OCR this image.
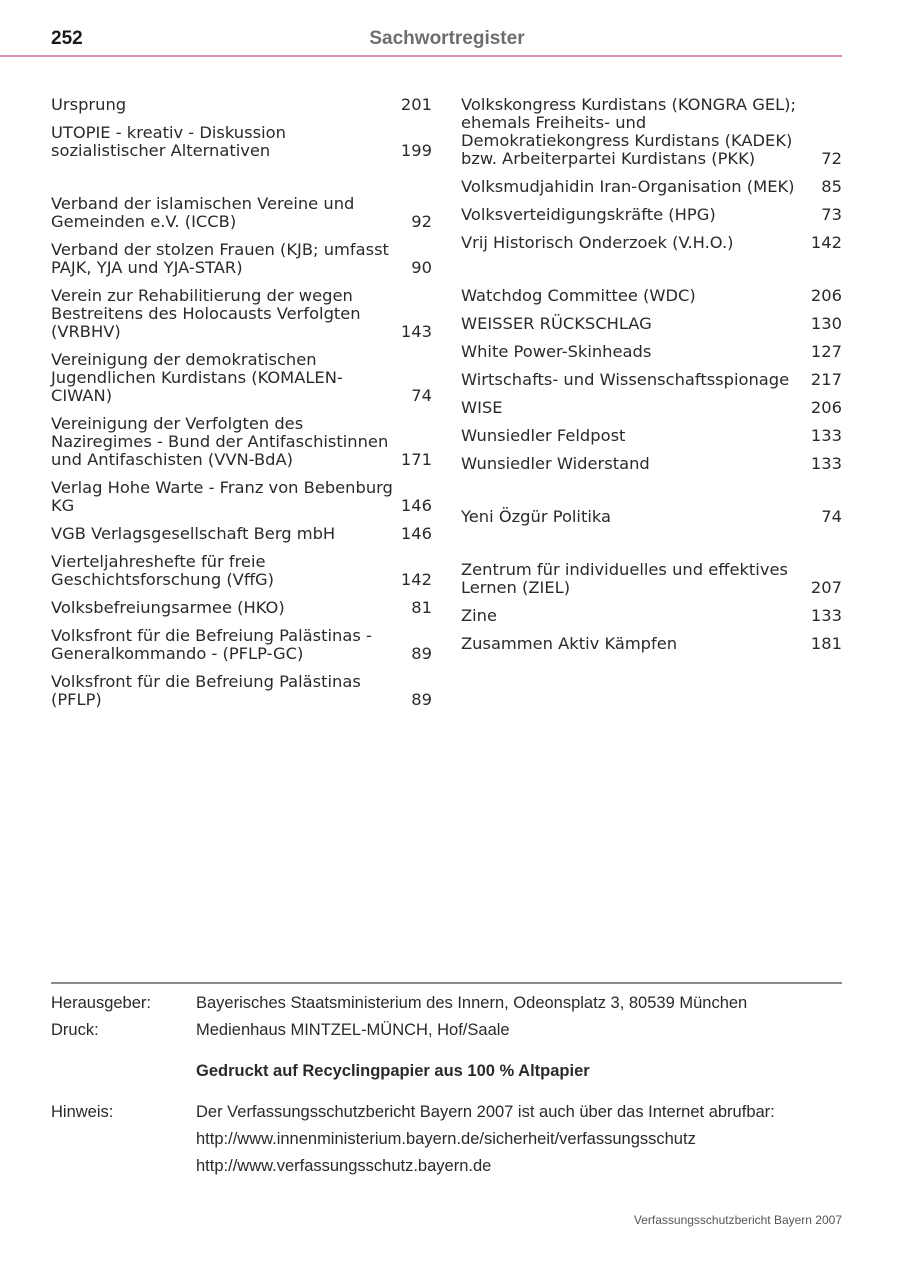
252	Sachwortregister
Ursprung	201
UTOPIE - kreativ - Diskussion sozialistischer Alternativen	199
Verband der islamischen Vereine und Gemeinden e.V. (ICCB)	92
Verband der stolzen Frauen (KJB; umfasst PAJK, YJA und YJA-STAR)	90
Verein zur Rehabilitierung der wegen Bestreitens des Holocausts Verfolgten (VRBHV)	143
Vereinigung der demokratischen Jugendlichen Kurdistans (KOMALEN-CIWAN)	74
Vereinigung der Verfolgten des Naziregimes - Bund der Antifaschistinnen und Antifaschisten (VVN-BdA)	171
Verlag Hohe Warte - Franz von Bebenburg KG	146
VGB Verlagsgesellschaft Berg mbH	146
Vierteljahreshefte für freie Geschichtsforschung (VffG)	142
Volksbefreiungsarmee (HKO)	81
Volksfront für die Befreiung Palästinas - Generalkommando - (PFLP-GC)	89
Volksfront für die Befreiung Palästinas (PFLP)	89
Volkskongress Kurdistans (KONGRA GEL); ehemals Freiheits- und Demokratiekongress Kurdistans (KADEK) bzw. Arbeiterpartei Kurdistans (PKK)	72
Volksmudjahidin Iran-Organisation (MEK)	85
Volksverteidigungskräfte (HPG)	73
Vrij Historisch Onderzoek (V.H.O.)	142
Watchdog Committee (WDC)	206
WEISSER RÜCKSCHLAG	130
White Power-Skinheads	127
Wirtschafts- und Wissenschaftsspionage	217
WISE	206
Wunsiedler Feldpost	133
Wunsiedler Widerstand	133
Yeni Özgür Politika	74
Zentrum für individuelles und effektives Lernen (ZIEL)	207
Zine	133
Zusammen Aktiv Kämpfen	181
Herausgeber:	Bayerisches Staatsministerium des Innern, Odeonsplatz 3, 80539 München
Druck:	Medienhaus MINTZEL-MÜNCH, Hof/Saale
Gedruckt auf Recyclingpapier aus 100 % Altpapier
Hinweis:	Der Verfassungsschutzbericht Bayern 2007 ist auch über das Internet abrufbar:
http://www.innenministerium.bayern.de/sicherheit/verfassungsschutz
http://www.verfassungsschutz.bayern.de
Verfassungsschutzbericht Bayern 2007
